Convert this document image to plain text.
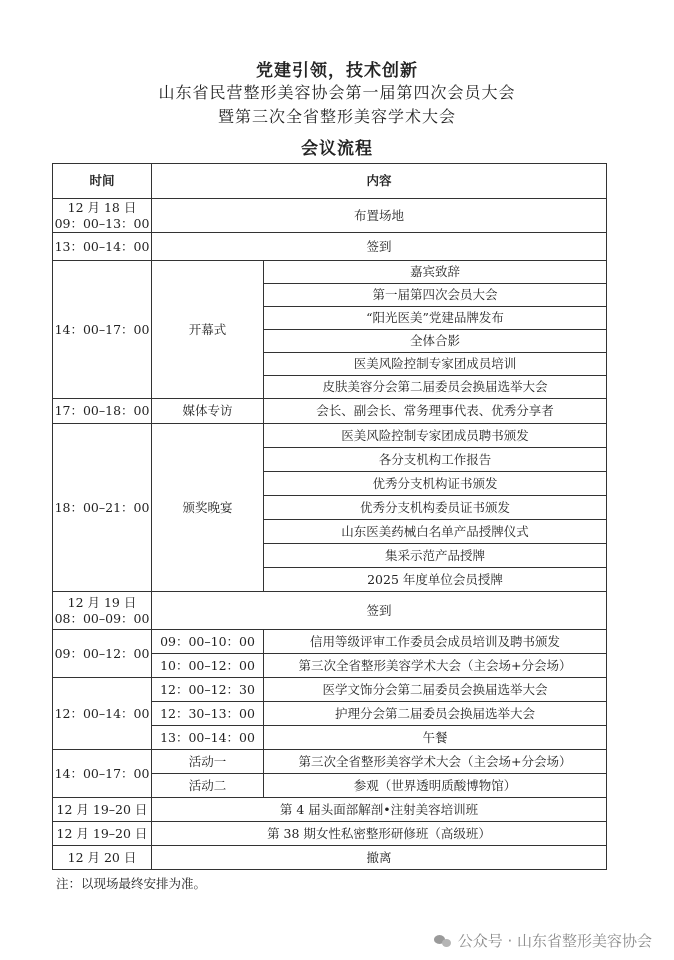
党建引领，技术创新
山东省民营整形美容协会第一届第四次会员大会
暨第三次全省整形美容学术大会
会议流程
时间	内容	
12 月 18 日
09：00–13：00	布置场地	
13：00–14：00	签到	
14：00–17：00	开幕式	嘉宾致辞
		第一届第四次会员大会
		“阳光医美”党建品牌发布
		全体合影
		医美风险控制专家团成员培训
		皮肤美容分会第二届委员会换届选举大会
17：00–18：00	媒体专访	会长、副会长、常务理事代表、优秀分享者
18：00–21：00	颁奖晚宴	医美风险控制专家团成员聘书颁发
		各分支机构工作报告
		优秀分支机构证书颁发
		优秀分支机构委员证书颁发
		山东医美药械白名单产品授牌仪式
		集采示范产品授牌
		2025 年度单位会员授牌
12 月 19 日
08：00–09：00	签到	
09：00–12：00	09：00–10：00	信用等级评审工作委员会成员培训及聘书颁发
	10：00–12：00	第三次全省整形美容学术大会（主会场+分会场）
12：00–14：00	12：00–12：30	医学文饰分会第二届委员会换届选举大会
	12：30–13：00	护理分会第二届委员会换届选举大会
	13：00–14：00	午餐
14：00–17：00	活动一	第三次全省整形美容学术大会（主会场+分会场）
	活动二	参观（世界透明质酸博物馆）
12 月 19–20 日	第 4 届头面部解剖•注射美容培训班	
12 月 19–20 日	第 38 期女性私密整形研修班（高级班）	
12 月 20 日	撤离	
注：以现场最终安排为准。
公众号 · 山东省整形美容协会
